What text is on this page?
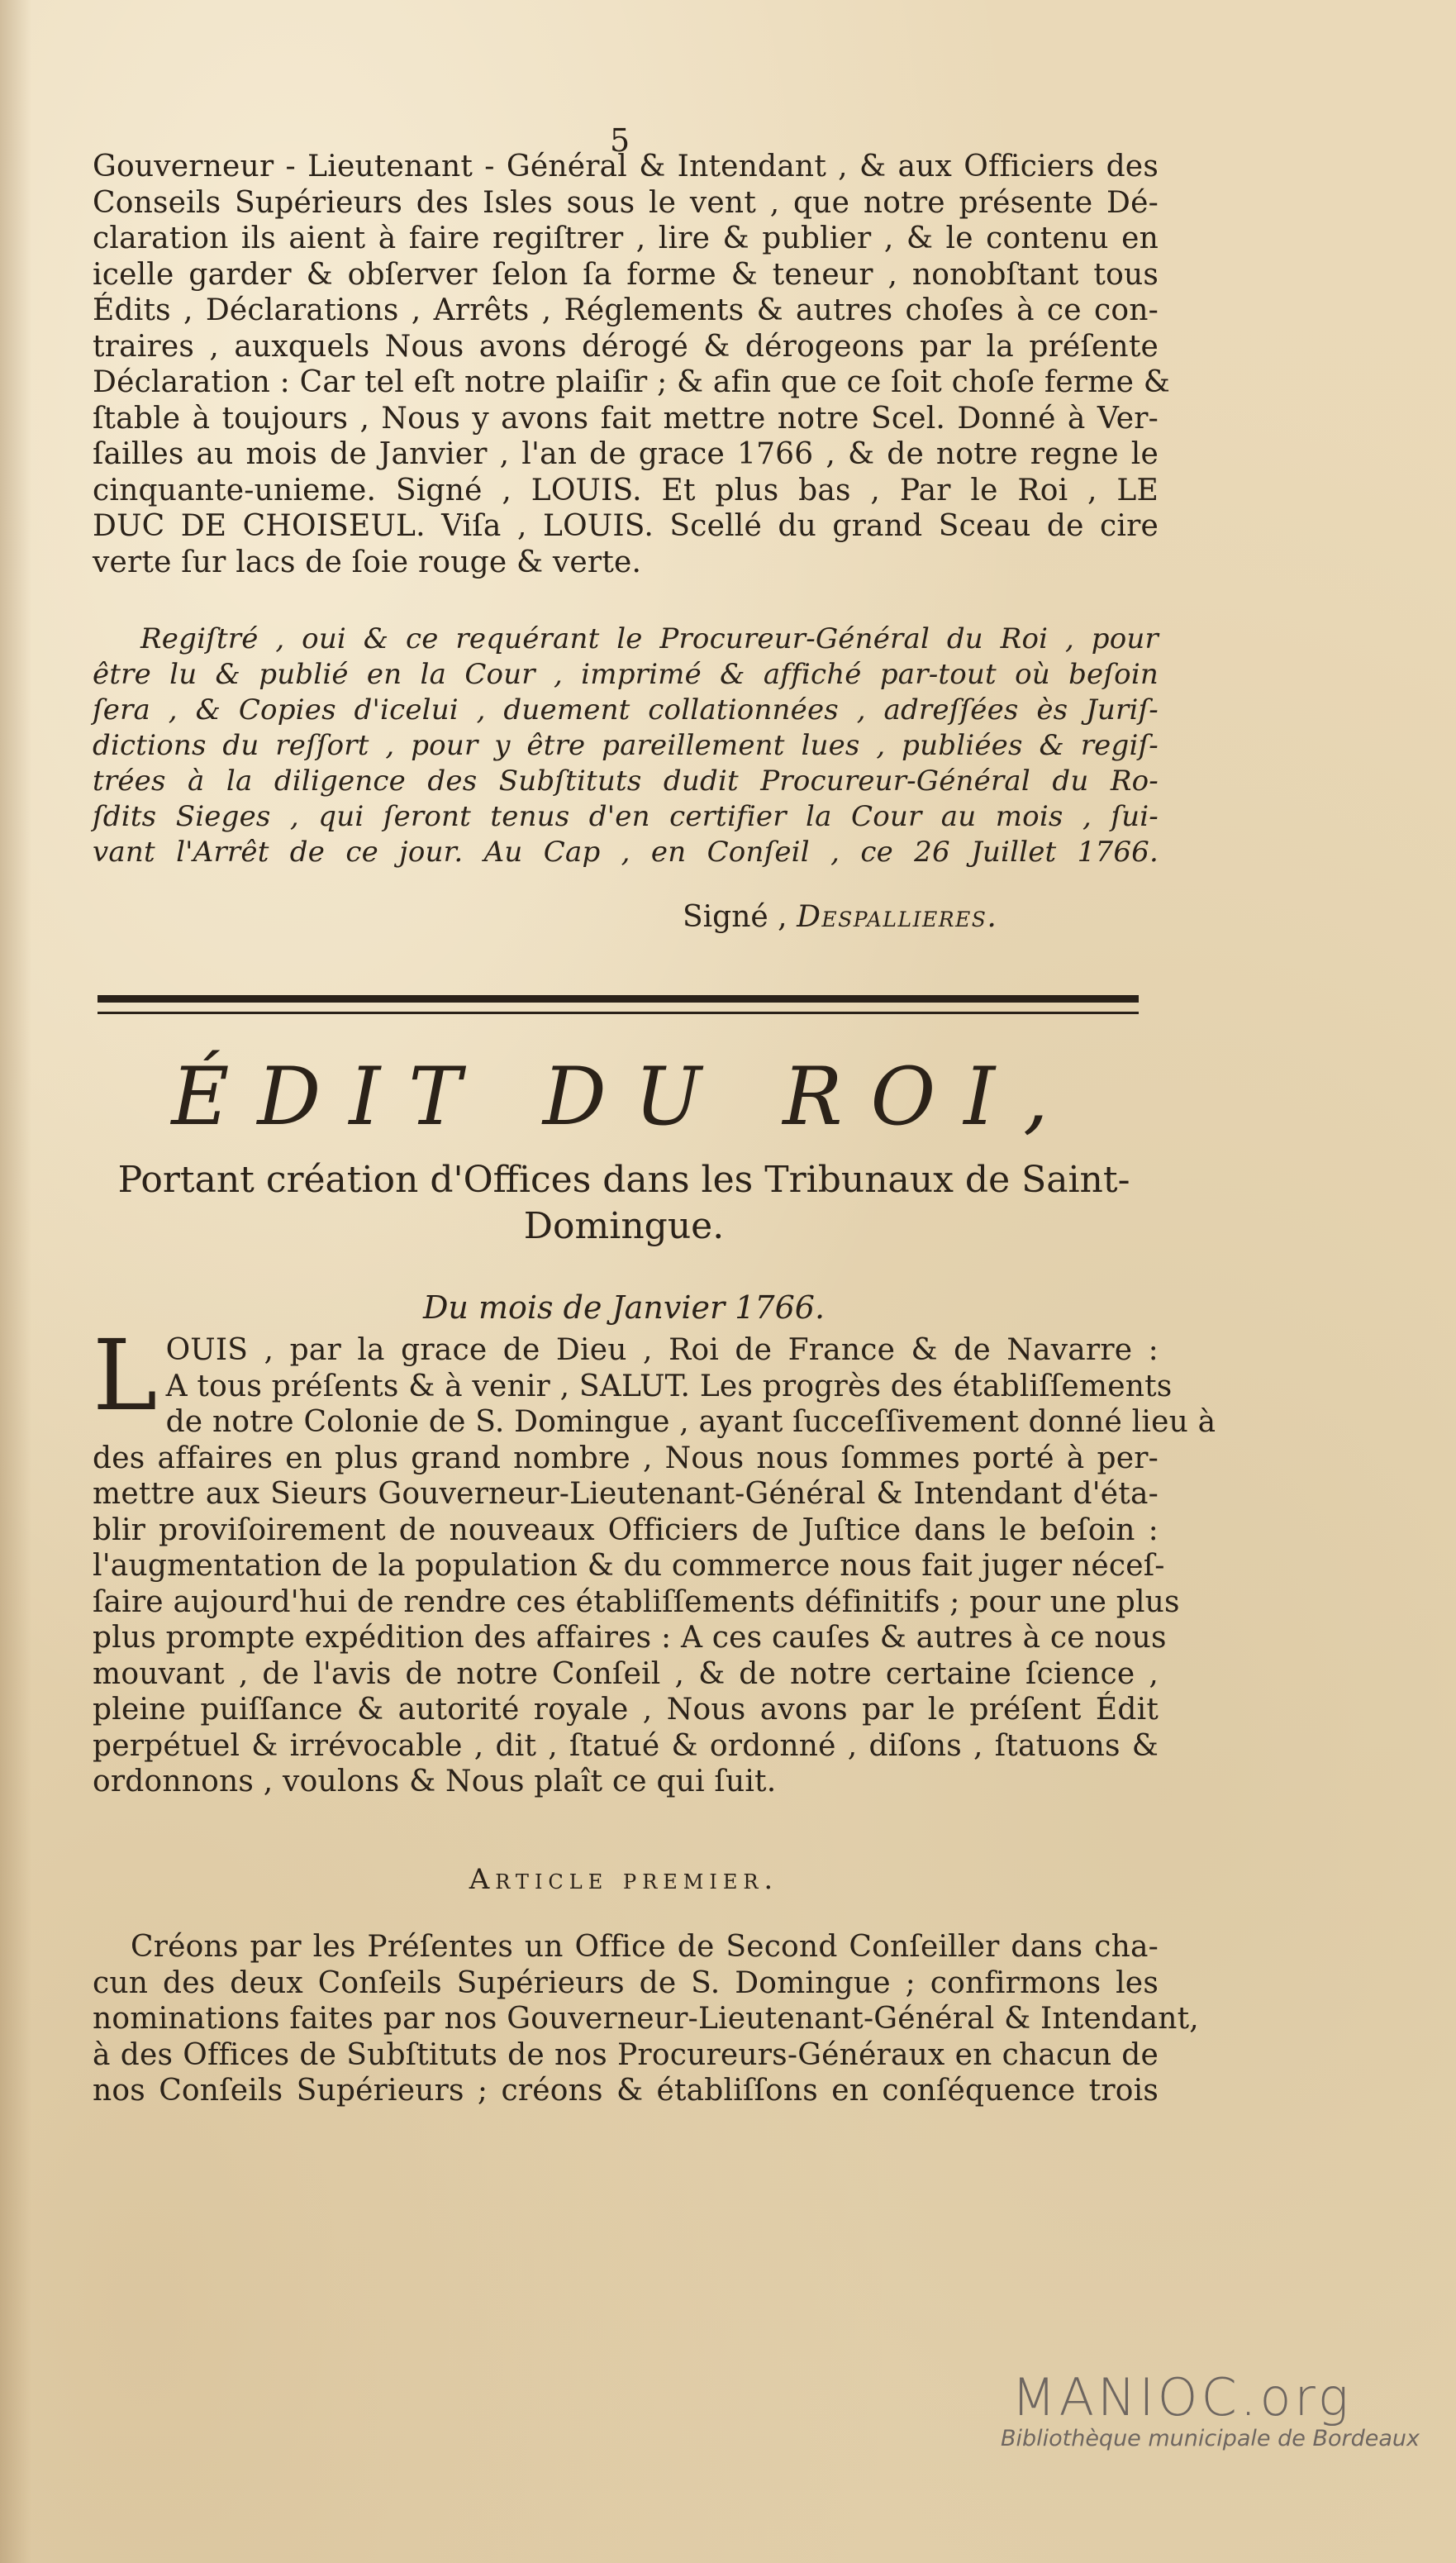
5
Gouverneur - Lieutenant - Général & Intendant , & aux Officiers des
Conseils Supérieurs des Isles sous le vent , que notre présente Dé-
claration ils aient à faire regiſtrer , lire & publier , & le contenu en
icelle garder & obſerver ſelon ſa forme & teneur , nonobſtant tous
Édits , Déclarations , Arrêts , Réglements & autres choſes à ce con-
traires , auxquels Nous avons dérogé & dérogeons par la préſente
Déclaration : Car tel eſt notre plaiſir ; & afin que ce ſoit choſe ferme &
ſtable à toujours , Nous y avons fait mettre notre Scel. Donné à Ver-
ſailles au mois de Janvier , l'an de grace 1766 , & de notre regne le
cinquante-unieme. Signé , LOUIS. Et plus bas , Par le Roi , LE
DUC DE CHOISEUL. Viſa , LOUIS. Scellé du grand Sceau de cire
verte ſur lacs de ſoie rouge & verte.
Regiſtré , oui & ce requérant le Procureur-Général du Roi , pour
être lu & publié en la Cour , imprimé & affiché par-tout où beſoin
ſera , & Copies d'icelui , duement collationnées , adreſſées ès Juriſ-
dictions du reſſort , pour y être pareillement lues , publiées & regiſ-
trées à la diligence des Subſtituts dudit Procureur-Général du Ro-
ſdits Sieges , qui ſeront tenus d'en certifier la Cour au mois , ſui-
vant l'Arrêt de ce jour. Au Cap , en Conſeil , ce 26 Juillet 1766.
Signé , Despallieres.
ÉDIT DU ROI,
Portant création d'Offices dans les Tribunaux de Saint-
Domingue.
Du mois de Janvier 1766.
L OUIS , par la grace de Dieu , Roi de France & de Navarre :
A tous préſents & à venir , SALUT. Les progrès des établiſſements
de notre Colonie de S. Domingue , ayant ſucceſſivement donné lieu à
des affaires en plus grand nombre , Nous nous ſommes porté à per-
mettre aux Sieurs Gouverneur-Lieutenant-Général & Intendant d'éta-
blir proviſoirement de nouveaux Officiers de Juſtice dans le beſoin :
l'augmentation de la population & du commerce nous fait juger néceſ-
ſaire aujourd'hui de rendre ces établiſſements définitifs ; pour une plus
plus prompte expédition des affaires : A ces cauſes & autres à ce nous
mouvant , de l'avis de notre Conſeil , & de notre certaine ſcience ,
pleine puiſſance & autorité royale , Nous avons par le préſent Édit
perpétuel & irrévocable , dit , ſtatué & ordonné , diſons , ſtatuons &
ordonnons , voulons & Nous plaît ce qui ſuit.
Article premier.
Créons par les Préſentes un Office de Second Conſeiller dans cha-
cun des deux Conſeils Supérieurs de S. Domingue ; confirmons les
nominations faites par nos Gouverneur-Lieutenant-Général & Intendant,
à des Offices de Subſtituts de nos Procureurs-Généraux en chacun de
nos Conſeils Supérieurs ; créons & établiſſons en conſéquence trois
MANIOC.org
Bibliothèque municipale de Bordeaux
